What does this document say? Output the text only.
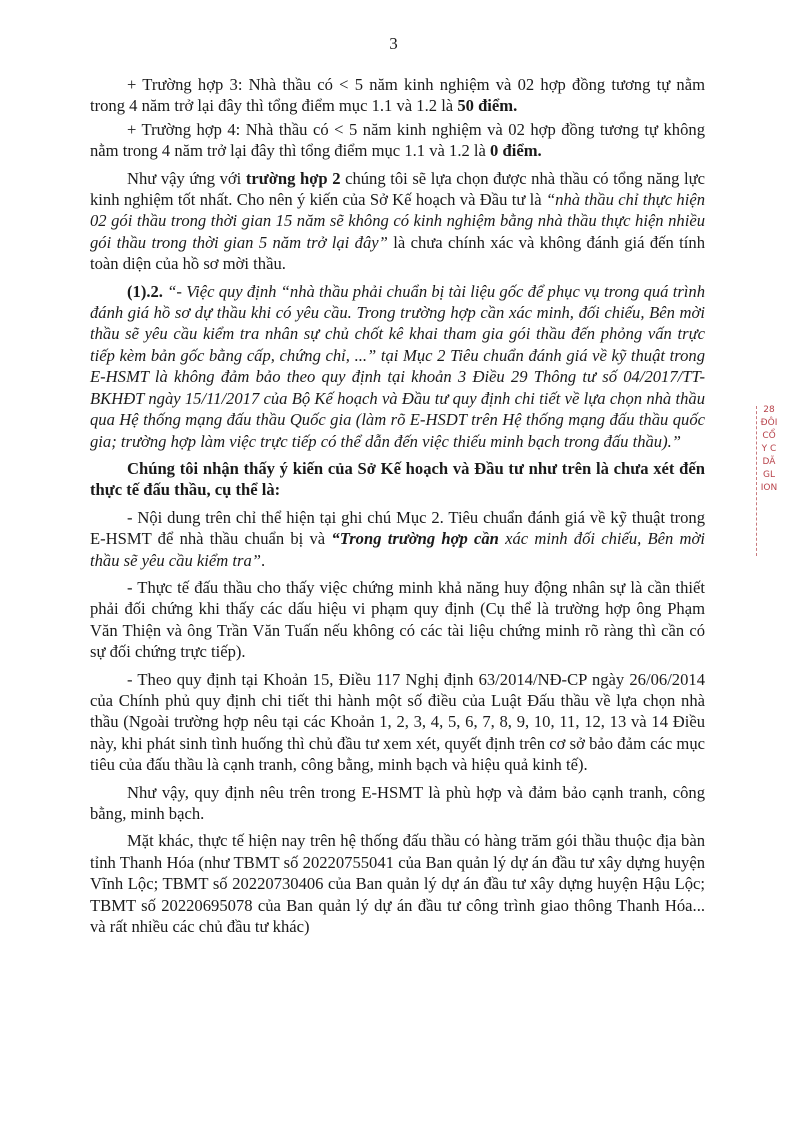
3

+ Trường hợp 3: Nhà thầu có < 5 năm kinh nghiệm và 02 hợp đồng tương tự nằm trong 4 năm trở lại đây thì tổng điểm mục 1.1 và 1.2 là 50 điểm.

+ Trường hợp 4: Nhà thầu có < 5 năm kinh nghiệm và 02 hợp đồng tương tự không nằm trong 4 năm trở lại đây thì tổng điểm mục 1.1 và 1.2 là 0 điểm.

Như vậy ứng với trường hợp 2 chúng tôi sẽ lựa chọn được nhà thầu có tổng năng lực kinh nghiệm tốt nhất. Cho nên ý kiến của Sở Kế hoạch và Đầu tư là “nhà thầu chỉ thực hiện 02 gói thầu trong thời gian 15 năm sẽ không có kinh nghiệm bằng nhà thầu thực hiện nhiều gói thầu trong thời gian 5 năm trở lại đây” là chưa chính xác và không đánh giá đến tính toàn diện của hồ sơ mời thầu.

(1).2. “- Việc quy định “nhà thầu phải chuẩn bị tài liệu gốc để phục vụ trong quá trình đánh giá hồ sơ dự thầu khi có yêu cầu. Trong trường hợp cần xác minh, đối chiếu, Bên mời thầu sẽ yêu cầu kiểm tra nhân sự chủ chốt kê khai tham gia gói thầu đến phỏng vấn trực tiếp kèm bản gốc bằng cấp, chứng chỉ, ...” tại Mục 2 Tiêu chuẩn đánh giá về kỹ thuật trong E-HSMT là không đảm bảo theo quy định tại khoản 3 Điều 29 Thông tư số 04/2017/TT-BKHĐT ngày 15/11/2017 của Bộ Kế hoạch và Đầu tư quy định chi tiết về lựa chọn nhà thầu qua Hệ thống mạng đấu thầu Quốc gia (làm rõ E-HSDT trên Hệ thống mạng đấu thầu quốc gia; trường hợp làm việc trực tiếp có thể dẫn đến việc thiếu minh bạch trong đấu thầu).”

Chúng tôi nhận thấy ý kiến của Sở Kế hoạch và Đầu tư như trên là chưa xét đến thực tế đấu thầu, cụ thể là:

- Nội dung trên chỉ thể hiện tại ghi chú Mục 2. Tiêu chuẩn đánh giá về kỹ thuật trong E-HSMT để nhà thầu chuẩn bị và “Trong trường hợp cần xác minh đối chiếu, Bên mời thầu sẽ yêu cầu kiểm tra”.

- Thực tế đấu thầu cho thấy việc chứng minh khả năng huy động nhân sự là cần thiết phải đối chứng khi thấy các dấu hiệu vi phạm quy định (Cụ thể là trường hợp ông Phạm Văn Thiện và ông Trần Văn Tuấn nếu không có các tài liệu chứng minh rõ ràng thì cần có sự đối chứng trực tiếp).

- Theo quy định tại Khoản 15, Điều 117 Nghị định 63/2014/NĐ-CP ngày 26/06/2014 của Chính phủ quy định chi tiết thi hành một số điều của Luật Đấu thầu về lựa chọn nhà thầu (Ngoài trường hợp nêu tại các Khoản 1, 2, 3, 4, 5, 6, 7, 8, 9, 10, 11, 12, 13 và 14 Điều này, khi phát sinh tình huống thì chủ đầu tư xem xét, quyết định trên cơ sở bảo đảm các mục tiêu của đấu thầu là cạnh tranh, công bằng, minh bạch và hiệu quả kinh tế).

Như vậy, quy định nêu trên trong E-HSMT là phù hợp và đảm bảo cạnh tranh, công bằng, minh bạch.

Mặt khác, thực tế hiện nay trên hệ thống đấu thầu có hàng trăm gói thầu thuộc địa bàn tỉnh Thanh Hóa (như TBMT số 20220755041 của Ban quản lý dự án đầu tư xây dựng huyện Vĩnh Lộc; TBMT số 20220730406 của Ban quản lý dự án đầu tư xây dựng huyện Hậu Lộc; TBMT số 20220695078 của Ban quản lý dự án đầu tư công trình giao thông Thanh Hóa... và rất nhiều các chủ đầu tư khác)

28
ĐÔI
CỔ
Y C
DÃ
GL
ION
